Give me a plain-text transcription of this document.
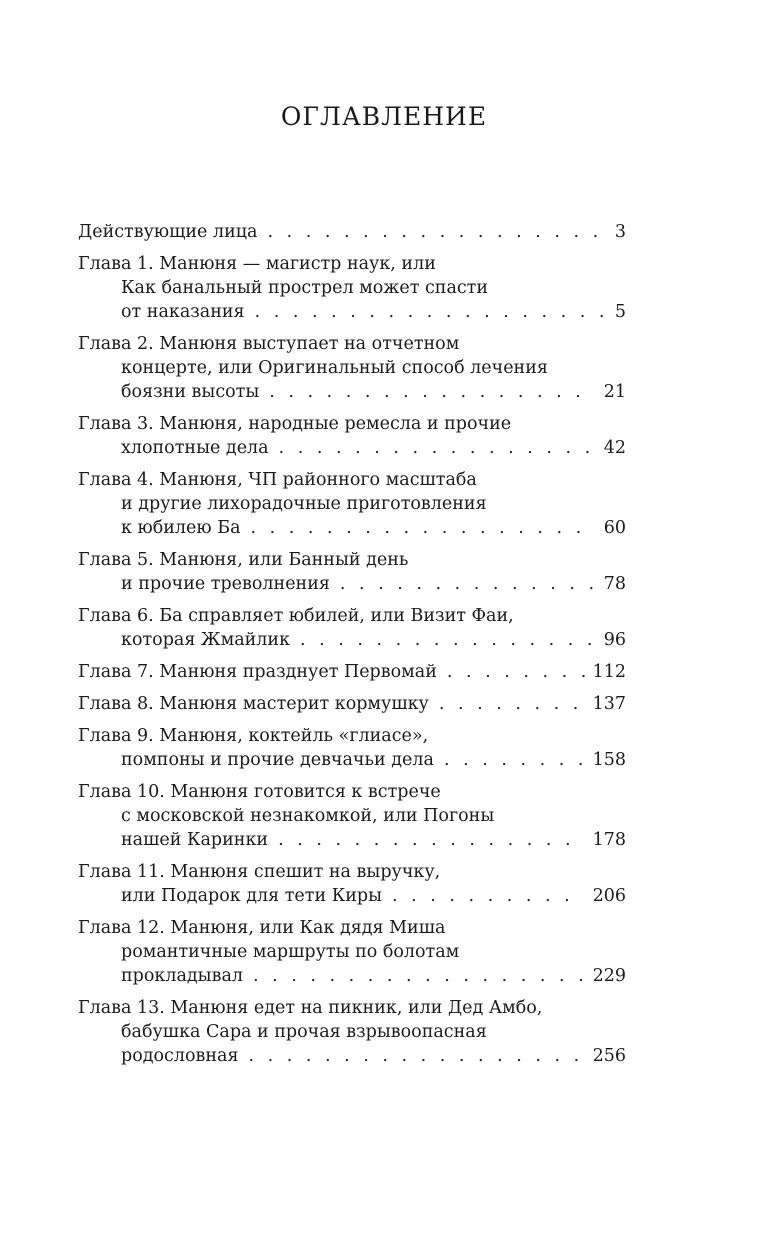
ОГЛАВЛЕНИЕ
Действующие лица . . .	3
Глава 1. Манюня — магистр наук, или
Как банальный прострел может спасти
от наказания . . .	5
Глава 2. Манюня выступает на отчетном
концерте, или Оригинальный способ лечения
боязни высоты . . .	21
Глава 3. Манюня, народные ремесла и прочие
хлопотные дела . . .	42
Глава 4. Манюня, ЧП районного масштаба
и другие лихорадочные приготовления
к юбилею Ба . . .	60
Глава 5. Манюня, или Банный день
и прочие треволнения . . .	78
Глава 6. Ба справляет юбилей, или Визит Фаи,
которая Жмайлик . . .	96
Глава 7. Манюня празднует Первомай . . .	112
Глава 8. Манюня мастерит кормушку . . .	137
Глава 9. Манюня, коктейль «глиасе»,
помпоны и прочие девчачьи дела . . .	158
Глава 10. Манюня готовится к встрече
с московской незнакомкой, или Погоны
нашей Каринки . . .	178
Глава 11. Манюня спешит на выручку,
или Подарок для тети Киры . . .	206
Глава 12. Манюня, или Как дядя Миша
романтичные маршруты по болотам
прокладывал . . .	229
Глава 13. Манюня едет на пикник, или Дед Амбо,
бабушка Сара и прочая взрывоопасная
родословная . . .	256
